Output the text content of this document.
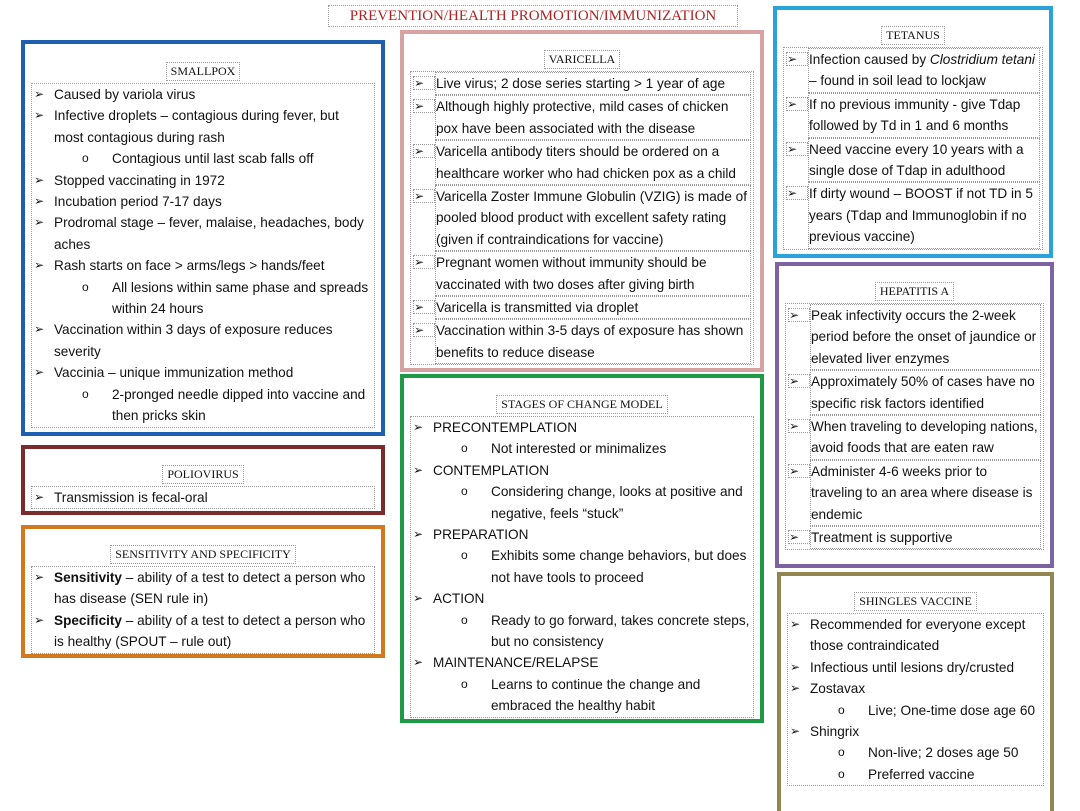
PREVENTION/HEALTH PROMOTION/IMMUNIZATION
SMALLPOX
➢ Caused by variola virus
➢ Infective droplets – contagious during fever, but most contagious during rash
o	Contagious until last scab falls off
➢ Stopped vaccinating in 1972
➢ Incubation period 7-17 days
➢ Prodromal stage – fever, malaise, headaches, body aches
➢ Rash starts on face > arms/legs > hands/feet
o	All lesions within same phase and spreads within 24 hours
➢ Vaccination within 3 days of exposure reduces severity
➢ Vaccinia – unique immunization method
o	2-pronged needle dipped into vaccine and then pricks skin
POLIOVIRUS
➢ Transmission is fecal-oral
SENSITIVITY AND SPECIFICITY
➢ Sensitivity – ability of a test to detect a person who has disease (SEN rule in)
➢ Specificity – ability of a test to detect a person who is healthy (SPOUT – rule out)
VARICELLA
➢ Live virus; 2 dose series starting > 1 year of age
➢ Although highly protective, mild cases of chicken pox have been associated with the disease
➢ Varicella antibody titers should be ordered on a healthcare worker who had chicken pox as a child
➢ Varicella Zoster Immune Globulin (VZIG) is made of pooled blood product with excellent safety rating (given if contraindications for vaccine)
➢ Pregnant women without immunity should be vaccinated with two doses after giving birth
➢ Varicella is transmitted via droplet
➢ Vaccination within 3-5 days of exposure has shown benefits to reduce disease
STAGES OF CHANGE MODEL
➢ PRECONTEMPLATION
o	Not interested or minimalizes
➢ CONTEMPLATION
o	Considering change, looks at positive and negative, feels “stuck”
➢ PREPARATION
o	Exhibits some change behaviors, but does not have tools to proceed
➢ ACTION
o	Ready to go forward, takes concrete steps, but no consistency
➢ MAINTENANCE/RELAPSE
o	Learns to continue the change and embraced the healthy habit
TETANUS
➢ Infection caused by Clostridium tetani – found in soil lead to lockjaw
➢ If no previous immunity - give Tdap followed by Td in 1 and 6 months
➢ Need vaccine every 10 years with a single dose of Tdap in adulthood
➢ If dirty wound – BOOST if not TD in 5 years (Tdap and Immunoglobin if no previous vaccine)
HEPATITIS A
➢ Peak infectivity occurs the 2-week period before the onset of jaundice or elevated liver enzymes
➢ Approximately 50% of cases have no specific risk factors identified
➢ When traveling to developing nations, avoid foods that are eaten raw
➢ Administer 4-6 weeks prior to traveling to an area where disease is endemic
➢ Treatment is supportive
SHINGLES VACCINE
➢ Recommended for everyone except those contraindicated
➢ Infectious until lesions dry/crusted
➢ Zostavax
o	Live; One-time dose age 60
➢ Shingrix
o	Non-live; 2 doses age 50
o	Preferred vaccine
